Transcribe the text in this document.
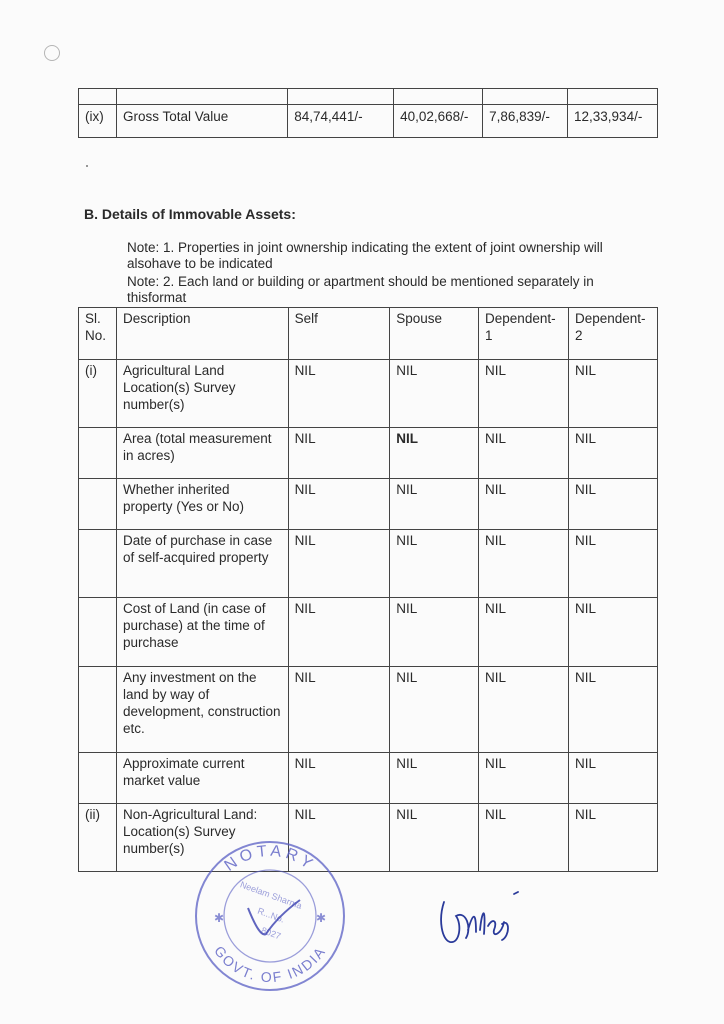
(ix)	Gross Total Value	84,74,441/-	40,02,668/-	7,86,839/-	12,33,934/-
B. Details of Immovable Assets:

Note: 1. Properties in joint ownership indicating the extent of joint ownership will

alsohave to be indicated

Note: 2. Each land or building or apartment should be mentioned separately in

thisformat

Sl. No.	Description	Self	Spouse	Dependent-1	Dependent-2
(i)	Agricultural Land Location(s) Survey number(s)	NIL	NIL	NIL	NIL
	Area (total measurement in acres)	NIL	NIL	NIL	NIL
	Whether inherited property (Yes or No)	NIL	NIL	NIL	NIL
	Date of purchase in case of self-acquired property	NIL	NIL	NIL	NIL
	Cost of Land (in case of purchase) at the time of purchase	NIL	NIL	NIL	NIL
	Any investment on the land by way of development, construction etc.	NIL	NIL	NIL	NIL
	Approximate current market value	NIL	NIL	NIL	NIL
(ii)	Non-Agricultural Land: Location(s) Survey number(s)	NIL	NIL	NIL	NIL
NOTARY
GOVT. OF INDIA
✱	✱
Neelam Sharma
R...No.
8027
